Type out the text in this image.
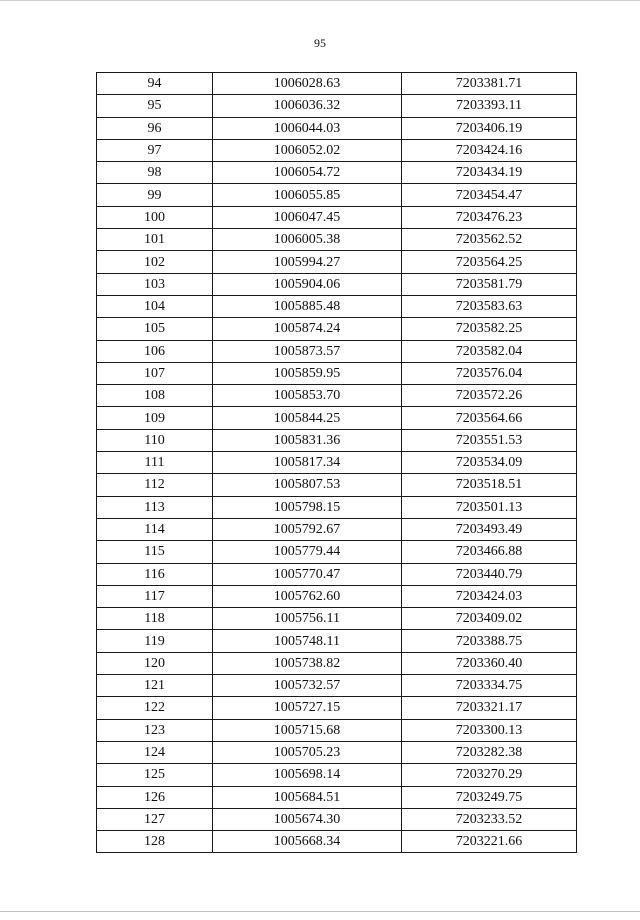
95
94	1006028.63	7203381.71
95	1006036.32	7203393.11
96	1006044.03	7203406.19
97	1006052.02	7203424.16
98	1006054.72	7203434.19
99	1006055.85	7203454.47
100	1006047.45	7203476.23
101	1006005.38	7203562.52
102	1005994.27	7203564.25
103	1005904.06	7203581.79
104	1005885.48	7203583.63
105	1005874.24	7203582.25
106	1005873.57	7203582.04
107	1005859.95	7203576.04
108	1005853.70	7203572.26
109	1005844.25	7203564.66
110	1005831.36	7203551.53
111	1005817.34	7203534.09
112	1005807.53	7203518.51
113	1005798.15	7203501.13
114	1005792.67	7203493.49
115	1005779.44	7203466.88
116	1005770.47	7203440.79
117	1005762.60	7203424.03
118	1005756.11	7203409.02
119	1005748.11	7203388.75
120	1005738.82	7203360.40
121	1005732.57	7203334.75
122	1005727.15	7203321.17
123	1005715.68	7203300.13
124	1005705.23	7203282.38
125	1005698.14	7203270.29
126	1005684.51	7203249.75
127	1005674.30	7203233.52
128	1005668.34	7203221.66
